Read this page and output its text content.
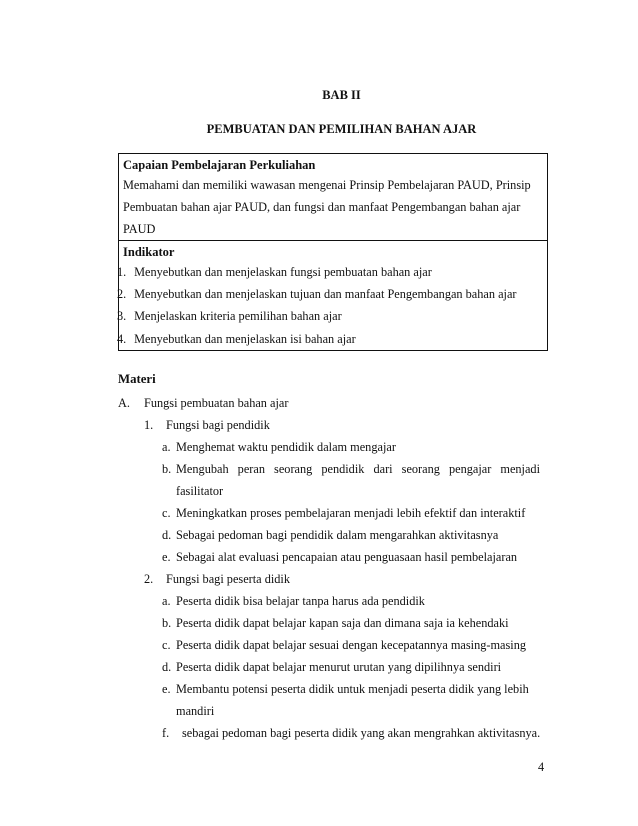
BAB II
PEMBUATAN DAN PEMILIHAN BAHAN AJAR
Capaian Pembelajaran Perkuliahan
Memahami dan memiliki wawasan mengenai Prinsip Pembelajaran PAUD, Prinsip
Pembuatan bahan ajar PAUD, dan fungsi dan manfaat Pengembangan bahan ajar
PAUD
Indikator
1. Menyebutkan dan menjelaskan fungsi pembuatan bahan ajar
2. Menyebutkan dan menjelaskan tujuan dan manfaat Pengembangan bahan ajar
3. Menjelaskan kriteria pemilihan bahan ajar
4. Menyebutkan dan menjelaskan isi bahan ajar
Materi
A. Fungsi pembuatan bahan ajar
1. Fungsi bagi pendidik
a. Menghemat waktu pendidik dalam mengajar
b. Mengubah peran seorang pendidik dari seorang pengajar menjadi
fasilitator
c. Meningkatkan proses pembelajaran menjadi lebih efektif dan interaktif
d. Sebagai pedoman bagi pendidik dalam mengarahkan aktivitasnya
e. Sebagai alat evaluasi pencapaian atau penguasaan hasil pembelajaran
2. Fungsi bagi peserta didik
a. Peserta didik bisa belajar tanpa harus ada pendidik
b. Peserta didik dapat belajar kapan saja dan dimana saja ia kehendaki
c. Peserta didik dapat belajar sesuai dengan kecepatannya masing-masing
d. Peserta didik dapat belajar menurut urutan yang dipilihnya sendiri
e. Membantu potensi peserta didik untuk menjadi peserta didik yang lebih
mandiri
f. sebagai pedoman bagi peserta didik yang akan mengrahkan aktivitasnya.
4
